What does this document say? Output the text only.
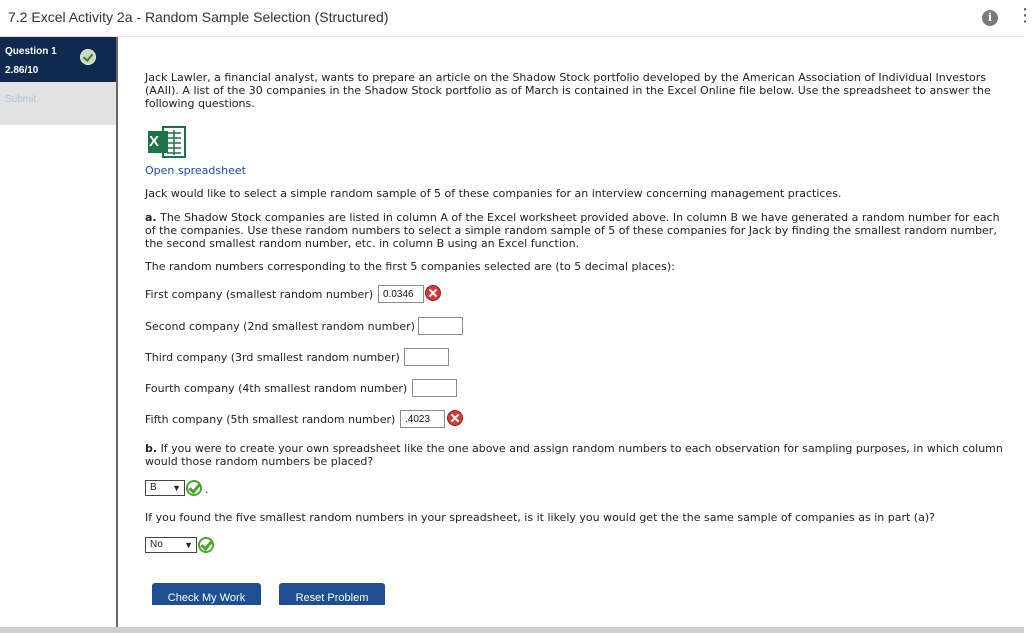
7.2 Excel Activity 2a - Random Sample Selection (Structured)	i	⋮
Question 1
2.86/10
Submit
Jack Lawler, a financial analyst, wants to prepare an article on the Shadow Stock portfolio developed by the American Association of Individual Investors (AAII). A list of the 30 companies in the Shadow Stock portfolio as of March is contained in the Excel Online file below. Use the spreadsheet to answer the following questions.
X
Open spreadsheet
Jack would like to select a simple random sample of 5 of these companies for an interview concerning management practices.
a. The Shadow Stock companies are listed in column A of the Excel worksheet provided above. In column B we have generated a random number for each of the companies. Use these random numbers to select a simple random sample of 5 of these companies for Jack by finding the smallest random number, the second smallest random number, etc. in column B using an Excel function.
The random numbers corresponding to the first 5 companies selected are (to 5 decimal places):
First company (smallest random number) 0.0346
Second company (2nd smallest random number)
Third company (3rd smallest random number)
Fourth company (4th smallest random number)
Fifth company (5th smallest random number) .4023
b. If you were to create your own spreadsheet like the one above and assign random numbers to each observation for sampling purposes, in which column would those random numbers be placed?
B ▼ .
If you found the five smallest random numbers in your spreadsheet, is it likely you would get the the same sample of companies as in part (a)?
No ▼
Check My Work	Reset Problem
